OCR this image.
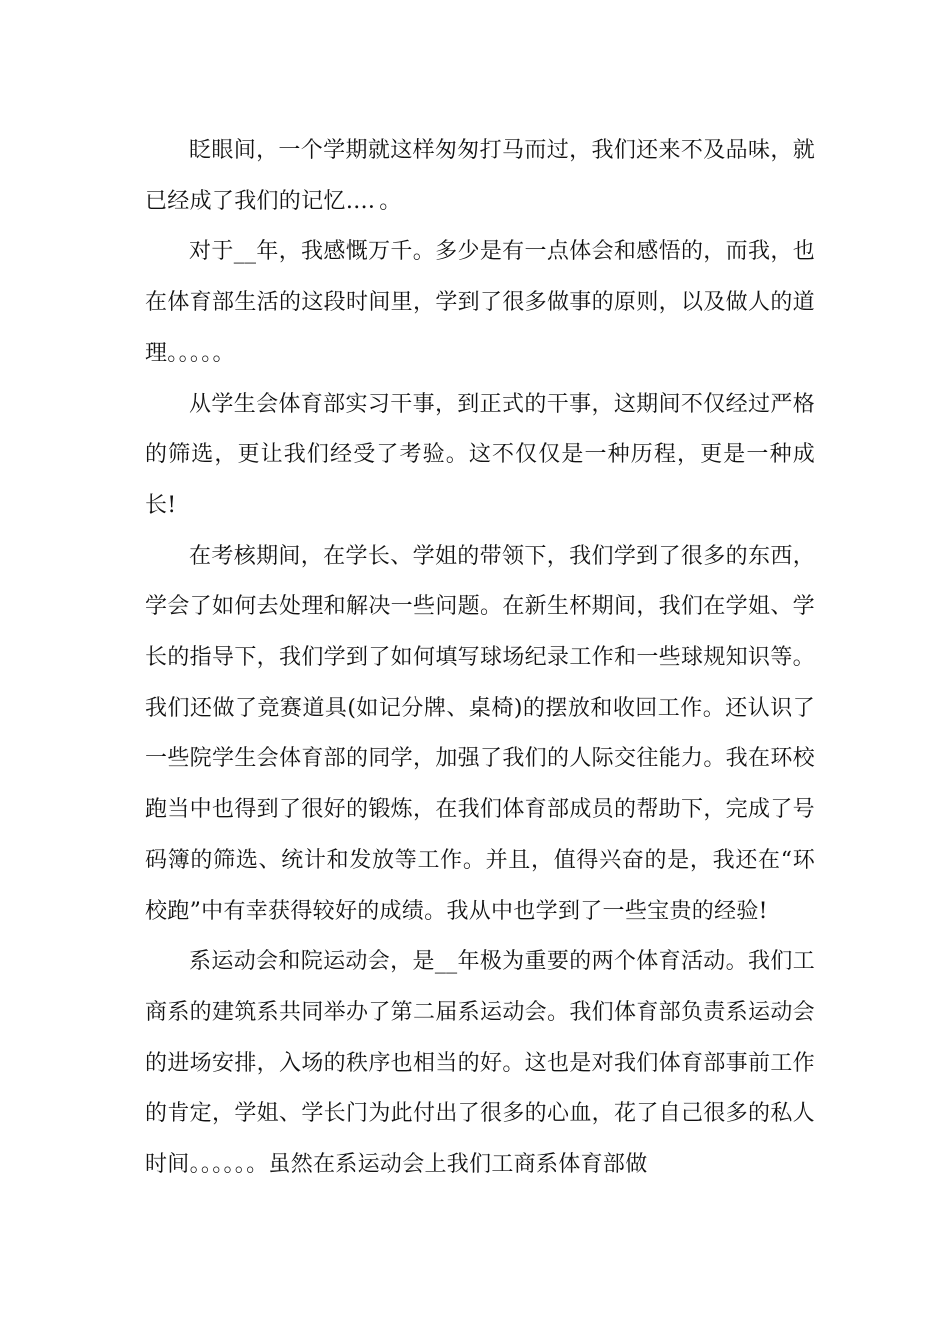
眨眼间，一个学期就这样匆匆打马而过，我们还来不及品味，就已经成了我们的记忆…．。

对于__年，我感慨万千。多少是有一点体会和感悟的，而我，也在体育部生活的这段时间里，学到了很多做事的原则，以及做人的道理。。。。。

从学生会体育部实习干事，到正式的干事，这期间不仅经过严格的筛选，更让我们经受了考验。这不仅仅是一种历程，更是一种成长!

在考核期间，在学长、学姐的带领下，我们学到了很多的东西，学会了如何去处理和解决一些问题。在新生杯期间，我们在学姐、学长的指导下，我们学到了如何填写球场纪录工作和一些球规知识等。我们还做了竞赛道具(如记分牌、桌椅)的摆放和收回工作。还认识了一些院学生会体育部的同学，加强了我们的人际交往能力。我在环校跑当中也得到了很好的锻炼，在我们体育部成员的帮助下，完成了号码簿的筛选、统计和发放等工作。并且，值得兴奋的是，我还在“环校跑”中有幸获得较好的成绩。我从中也学到了一些宝贵的经验!

系运动会和院运动会，是__年极为重要的两个体育活动。我们工商系的建筑系共同举办了第二届系运动会。我们体育部负责系运动会的进场安排，入场的秩序也相当的好。这也是对我们体育部事前工作的肯定，学姐、学长门为此付出了很多的心血，花了自己很多的私人时间。。。。。。虽然在系运动会上我们工商系体育部做
